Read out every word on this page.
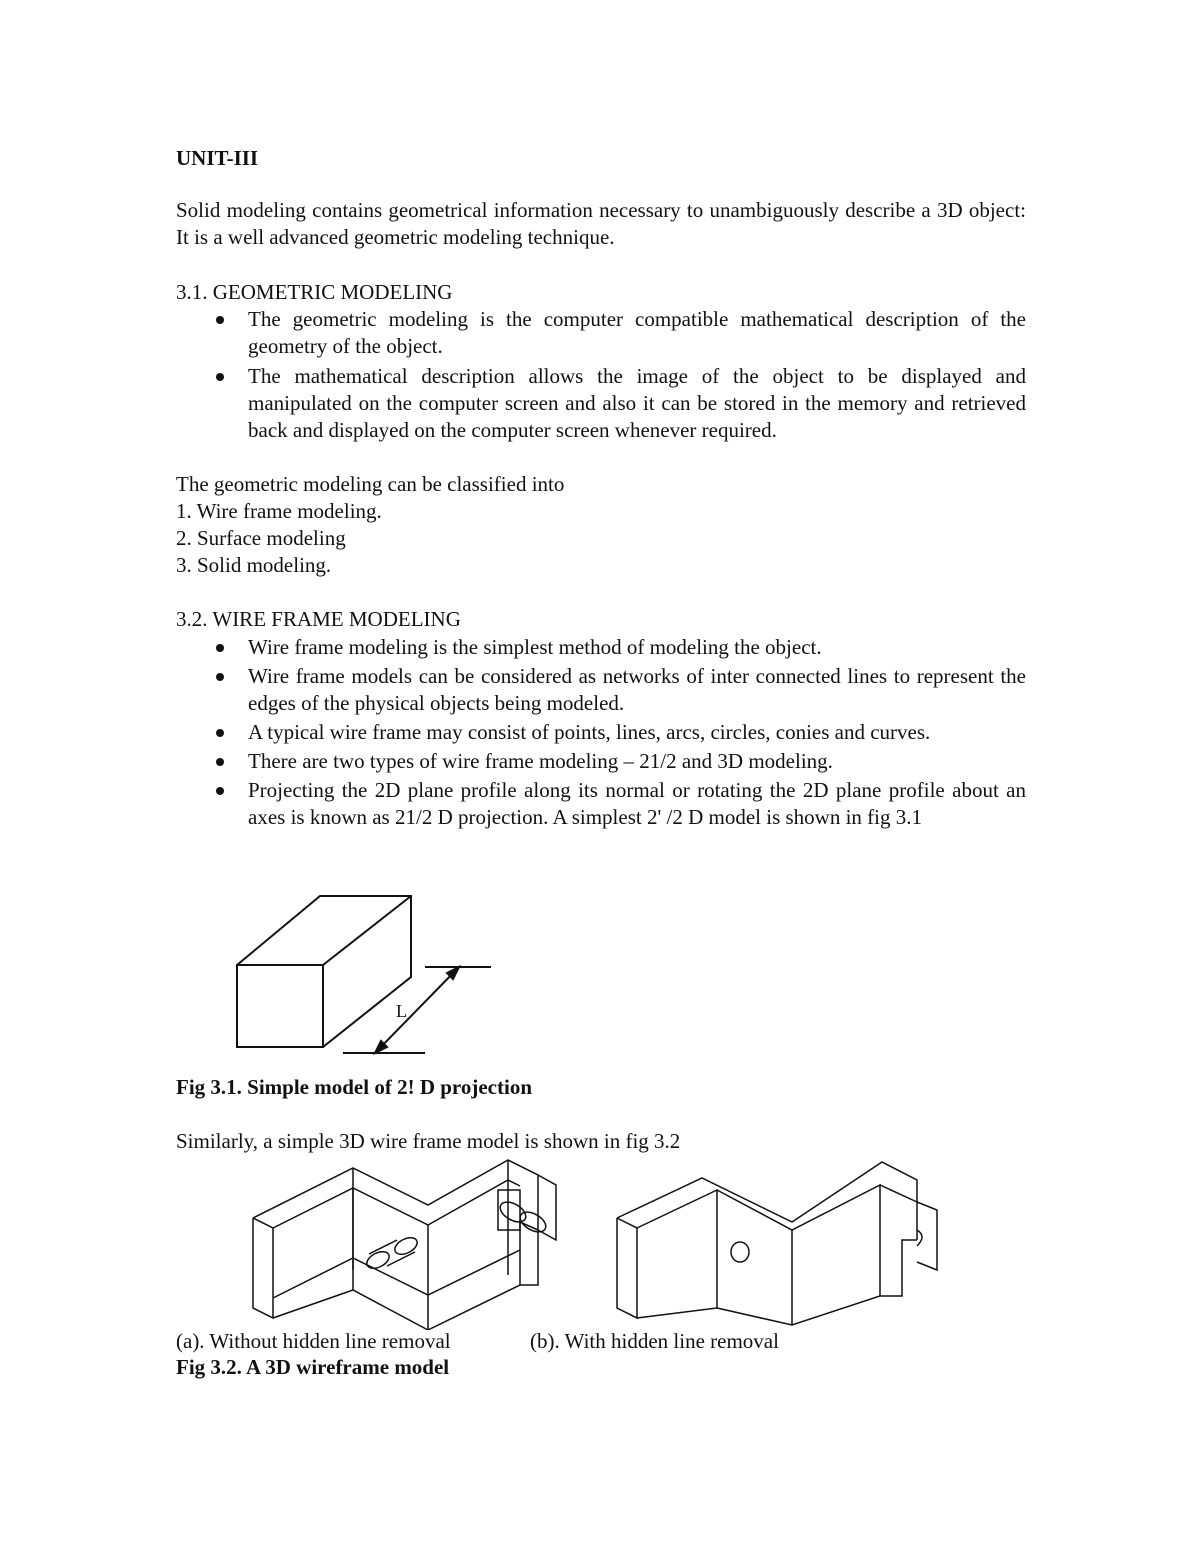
UNIT-III
Solid modeling contains geometrical information necessary to unambiguously describe a 3D object: It is a well advanced geometric modeling technique.
3.1. GEOMETRIC MODELING
The geometric modeling is the computer compatible mathematical description of the geometry of the object.
The mathematical description allows the image of the object to be displayed and manipulated on the computer screen and also it can be stored in the memory and retrieved back and displayed on the computer screen whenever required.
The geometric modeling can be classified into
1. Wire frame modeling.
2. Surface modeling
3. Solid modeling.
3.2. WIRE FRAME MODELING
Wire frame modeling is the simplest method of modeling the object.
Wire frame models can be considered as networks of inter connected lines to represent the edges of the physical objects being modeled.
A typical wire frame may consist of points, lines, arcs, circles, conies and curves.
There are two types of wire frame modeling – 21/2 and 3D modeling.
Projecting the 2D plane profile along its normal or rotating the 2D plane profile about an axes is known as 21/2 D projection. A simplest 2' /2 D model is shown in fig 3.1
L
Fig 3.1. Simple model of 2! D projection
Similarly, a simple 3D wire frame model is shown in fig 3.2
(a). Without hidden line removal	(b). With hidden line removal
Fig 3.2. A 3D wireframe model
